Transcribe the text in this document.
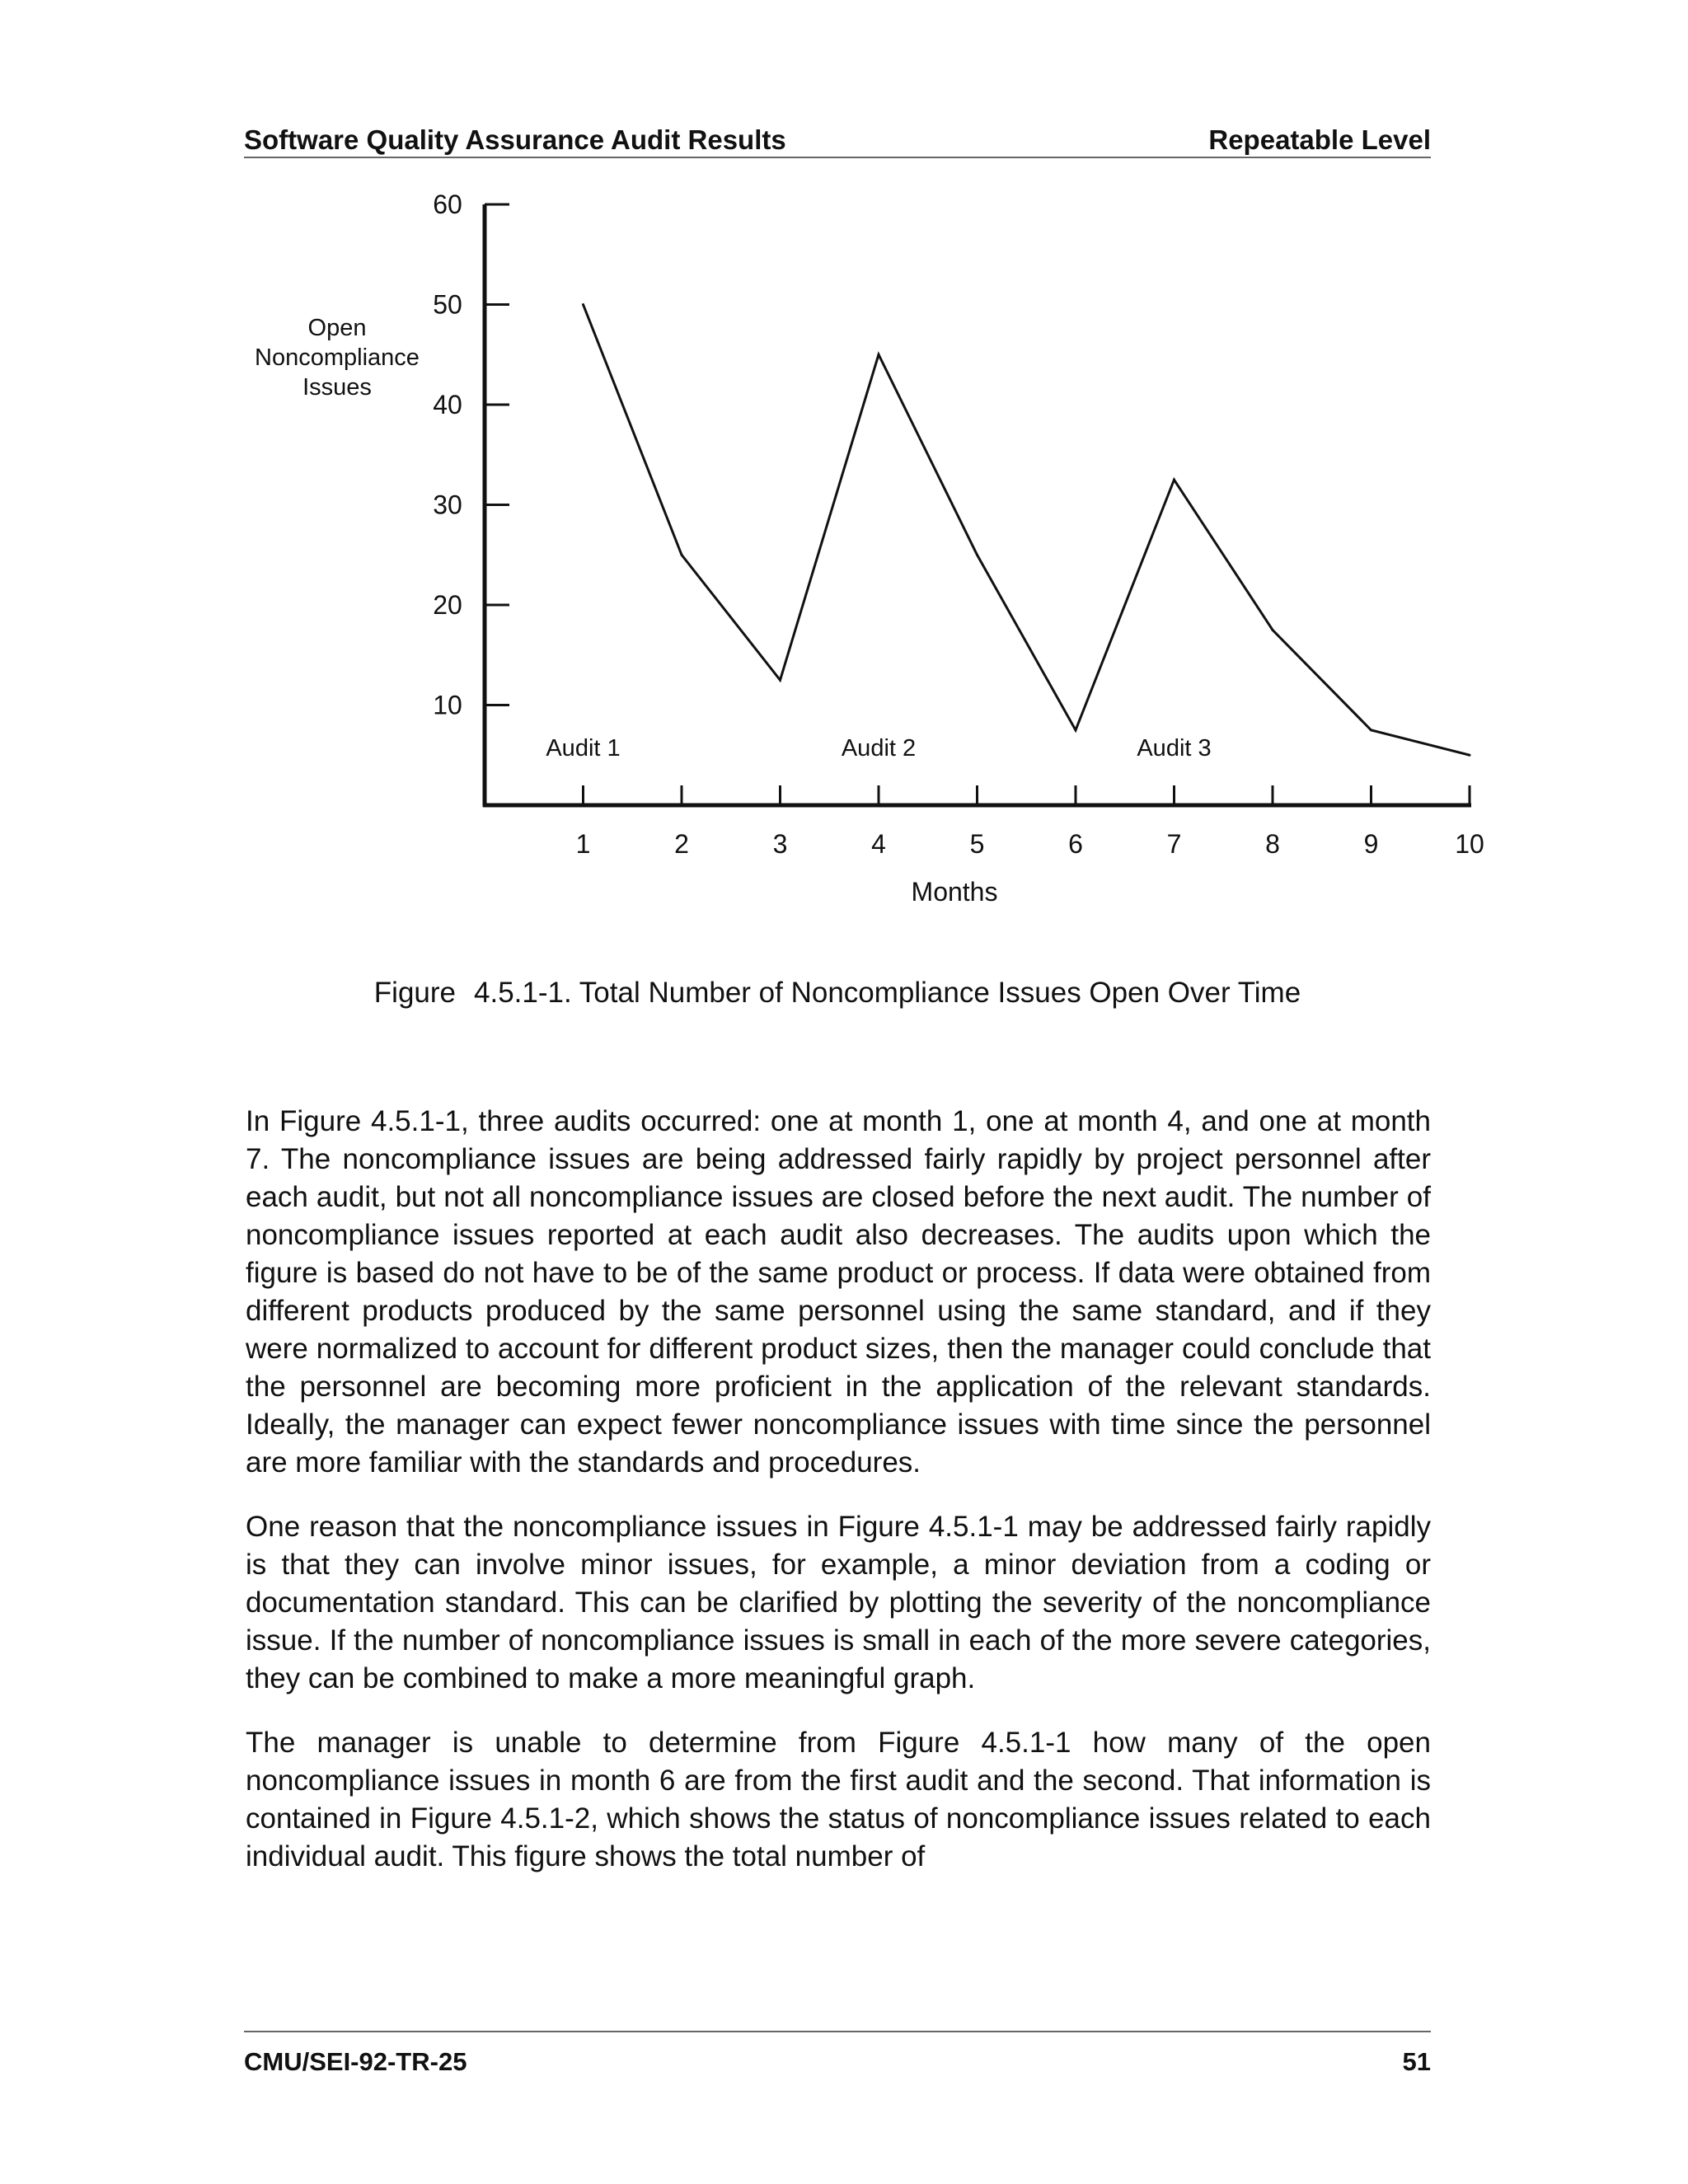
Software Quality Assurance Audit Results	Repeatable Level
10
20
30
40
50
60
1	2	3	4	5	6	7	8	9	10
Open
Noncompliance
Issues
Months
Audit 1	Audit 2	Audit 3
Figure 4.5.1-1. Total Number of Noncompliance Issues Open Over Time

In Figure 4.5.1-1, three audits occurred: one at month 1, one at month 4, and one at month 7. The noncompliance issues are being addressed fairly rapidly by project personnel after each audit, but not all noncompliance issues are closed before the next audit. The number of noncompliance issues reported at each audit also decreases. The audits upon which the figure is based do not have to be of the same product or process. If data were obtained from different products produced by the same personnel using the same standard, and if they were normalized to account for different product sizes, then the manager could conclude that the personnel are becoming more proficient in the application of the relevant standards. Ideally, the manager can expect fewer noncompliance issues with time since the personnel are more familiar with the standards and procedures.

One reason that the noncompliance issues in Figure 4.5.1-1 may be addressed fairly rapidly is that they can involve minor issues, for example, a minor deviation from a coding or documentation standard. This can be clarified by plotting the severity of the noncompliance issue. If the number of noncompliance issues is small in each of the more severe categories, they can be combined to make a more meaningful graph.

The manager is unable to determine from Figure 4.5.1-1 how many of the open noncompliance issues in month 6 are from the first audit and the second. That information is contained in Figure 4.5.1-2, which shows the status of noncompliance issues related to each individual audit. This figure shows the total number of

CMU/SEI-92-TR-25	51
